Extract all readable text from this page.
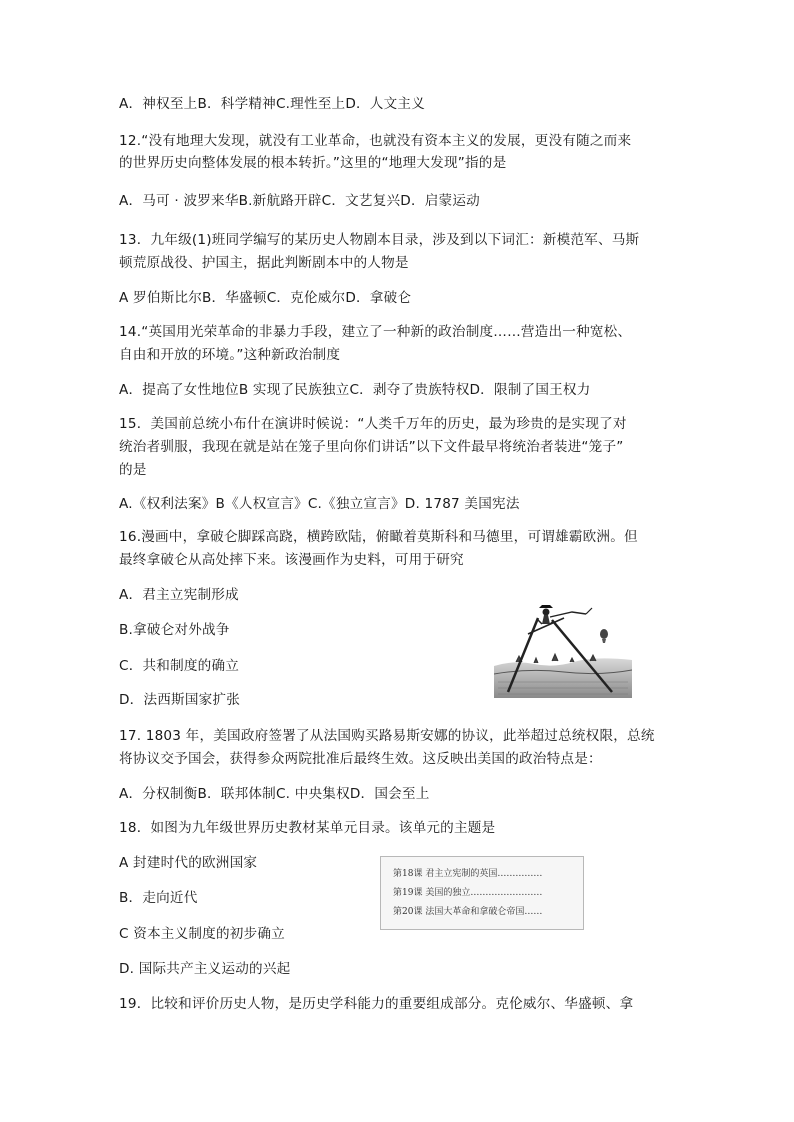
A．神权至上B．科学精神C.理性至上D．人文主义
12.“没有地理大发现，就没有工业革命，也就没有资本主义的发展，更没有随之而来
的世界历史向整体发展的根本转折。”这里的“地理大发现”指的是
A．马可 · 波罗来华B.新航路开辟C．文艺复兴D．启蒙运动
13．九年级(1)班同学编写的某历史人物剧本目录，涉及到以下词汇：新模范军、马斯
顿荒原战役、护国主，据此判断剧本中的人物是
A 罗伯斯比尔B．华盛顿C．克伦威尔D．拿破仑
14.“英国用光荣革命的非暴力手段，建立了一种新的政治制度……营造出一种宽松、
自由和开放的环境。”这种新政治制度
A．提高了女性地位B 实现了民族独立C．剥夺了贵族特权D．限制了国王权力
15．美国前总统小布什在演讲时候说：“人类千万年的历史，最为珍贵的是实现了对
统治者驯服，我现在就是站在笼子里向你们讲话”以下文件最早将统治者装进“笼子”
的是
A.《权利法案》B《人权宣言》C.《独立宣言》D. 1787 美国宪法
16.漫画中，拿破仑脚踩高跷，横跨欧陆，俯瞰着莫斯科和马德里，可谓雄霸欧洲。但
最终拿破仑从高处摔下来。该漫画作为史料，可用于研究
A．君主立宪制形成
B.拿破仑对外战争
C．共和制度的确立
D．法西斯国家扩张
17. 1803 年，美国政府签署了从法国购买路易斯安娜的协议，此举超过总统权限，总统
将协议交予国会，获得参众两院批准后最终生效。这反映出美国的政治特点是：
A．分权制衡B．联邦体制C. 中央集权D．国会至上
18．如图为九年级世界历史教材某单元目录。该单元的主题是
A 封建时代的欧洲国家
B．走向近代
C 资本主义制度的初步确立
D. 国际共产主义运动的兴起
19．比较和评价历史人物，是历史学科能力的重要组成部分。克伦威尔、华盛顿、拿
第18课 君主立宪制的英国……………
第19课 美国的独立……………………
第20课 法国大革命和拿破仑帝国……
